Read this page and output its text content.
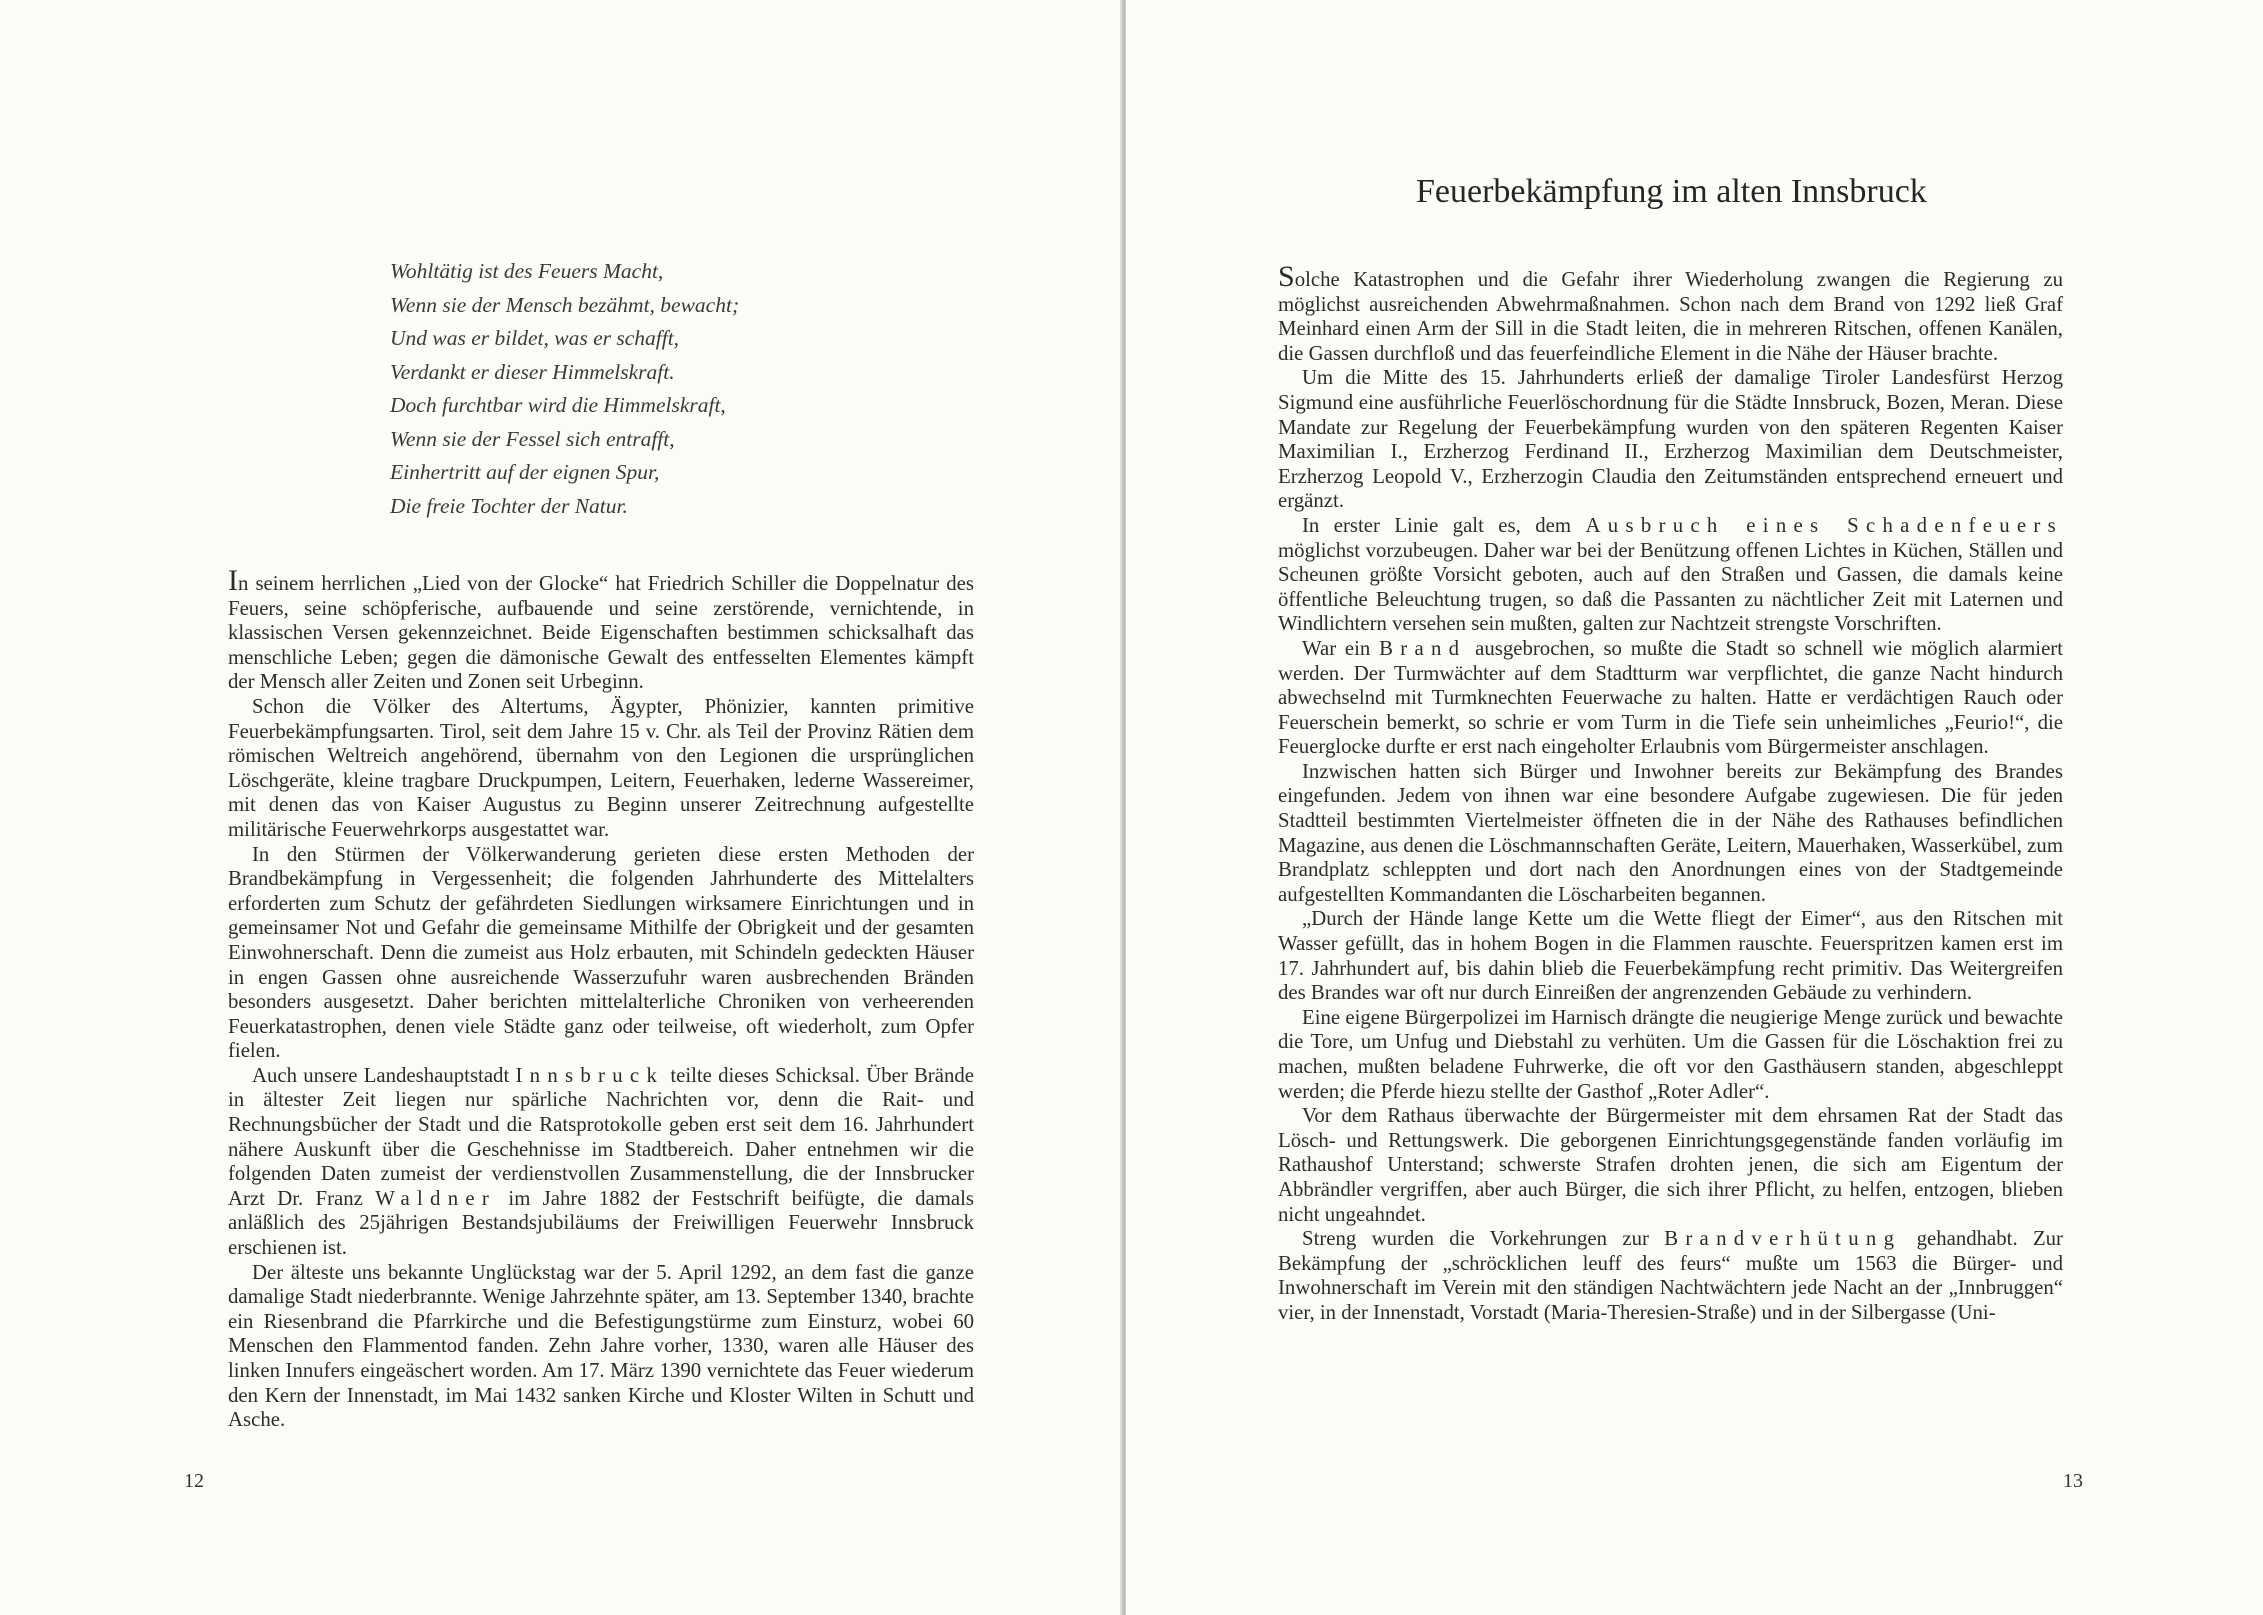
Wohltätig ist des Feuers Macht,
Wenn sie der Mensch bezähmt, bewacht;
Und was er bildet, was er schafft,
Verdankt er dieser Himmelskraft.
Doch furchtbar wird die Himmelskraft,
Wenn sie der Fessel sich entrafft,
Einhertritt auf der eignen Spur,
Die freie Tochter der Natur.

In seinem herrlichen „Lied von der Glocke“ hat Friedrich Schiller die Doppelnatur des Feuers, seine schöpferische, aufbauende und seine zerstörende, vernichtende, in klassischen Versen gekennzeichnet. Beide Eigenschaften bestimmen schicksalhaft das menschliche Leben; gegen die dämonische Gewalt des entfesselten Elementes kämpft der Mensch aller Zeiten und Zonen seit Urbeginn.

Schon die Völker des Altertums, Ägypter, Phönizier, kannten primitive Feuerbekämpfungsarten. Tirol, seit dem Jahre 15 v. Chr. als Teil der Provinz Rätien dem römischen Weltreich angehörend, übernahm von den Legionen die ursprünglichen Löschgeräte, kleine tragbare Druckpumpen, Leitern, Feuerhaken, lederne Wassereimer, mit denen das von Kaiser Augustus zu Beginn unserer Zeitrechnung aufgestellte militärische Feuerwehrkorps ausgestattet war.

In den Stürmen der Völkerwanderung gerieten diese ersten Methoden der Brandbekämpfung in Vergessenheit; die folgenden Jahrhunderte des Mittelalters erforderten zum Schutz der gefährdeten Siedlungen wirksamere Einrichtungen und in gemeinsamer Not und Gefahr die gemeinsame Mithilfe der Obrigkeit und der gesamten Einwohnerschaft. Denn die zumeist aus Holz erbauten, mit Schindeln gedeckten Häuser in engen Gassen ohne ausreichende Wasserzufuhr waren ausbrechenden Bränden besonders ausgesetzt. Daher berichten mittelalterliche Chroniken von verheerenden Feuerkatastrophen, denen viele Städte ganz oder teilweise, oft wiederholt, zum Opfer fielen.

Auch unsere Landeshauptstadt Innsbruck teilte dieses Schicksal. Über Brände in ältester Zeit liegen nur spärliche Nachrichten vor, denn die Rait- und Rechnungsbücher der Stadt und die Ratsprotokolle geben erst seit dem 16. Jahrhundert nähere Auskunft über die Geschehnisse im Stadtbereich. Daher entnehmen wir die folgenden Daten zumeist der verdienstvollen Zusammenstellung, die der Innsbrucker Arzt Dr. Franz Waldner im Jahre 1882 der Festschrift beifügte, die damals anläßlich des 25jährigen Bestandsjubiläums der Freiwilligen Feuerwehr Innsbruck erschienen ist.

Der älteste uns bekannte Unglückstag war der 5. April 1292, an dem fast die ganze damalige Stadt niederbrannte. Wenige Jahrzehnte später, am 13. September 1340, brachte ein Riesenbrand die Pfarrkirche und die Befestigungstürme zum Einsturz, wobei 60 Menschen den Flammentod fanden. Zehn Jahre vorher, 1330, waren alle Häuser des linken Innufers eingeäschert worden. Am 17. März 1390 vernichtete das Feuer wiederum den Kern der Innenstadt, im Mai 1432 sanken Kirche und Kloster Wilten in Schutt und Asche.

12
Feuerbekämpfung im alten Innsbruck

Solche Katastrophen und die Gefahr ihrer Wiederholung zwangen die Regierung zu möglichst ausreichenden Abwehrmaßnahmen. Schon nach dem Brand von 1292 ließ Graf Meinhard einen Arm der Sill in die Stadt leiten, die in mehreren Ritschen, offenen Kanälen, die Gassen durchfloß und das feuerfeindliche Element in die Nähe der Häuser brachte.

Um die Mitte des 15. Jahrhunderts erließ der damalige Tiroler Landesfürst Herzog Sigmund eine ausführliche Feuerlöschordnung für die Städte Innsbruck, Bozen, Meran. Diese Mandate zur Regelung der Feuerbekämpfung wurden von den späteren Regenten Kaiser Maximilian I., Erzherzog Ferdinand II., Erzherzog Maximilian dem Deutschmeister, Erzherzog Leopold V., Erzherzogin Claudia den Zeitumständen entsprechend erneuert und ergänzt.

In erster Linie galt es, dem Ausbruch eines Schadenfeuers möglichst vorzubeugen. Daher war bei der Benützung offenen Lichtes in Küchen, Ställen und Scheunen größte Vorsicht geboten, auch auf den Straßen und Gassen, die damals keine öffentliche Beleuchtung trugen, so daß die Passanten zu nächtlicher Zeit mit Laternen und Windlichtern versehen sein mußten, galten zur Nachtzeit strengste Vorschriften.

War ein Brand ausgebrochen, so mußte die Stadt so schnell wie möglich alarmiert werden. Der Turmwächter auf dem Stadtturm war verpflichtet, die ganze Nacht hindurch abwechselnd mit Turmknechten Feuerwache zu halten. Hatte er verdächtigen Rauch oder Feuerschein bemerkt, so schrie er vom Turm in die Tiefe sein unheimliches „Feurio!“, die Feuerglocke durfte er erst nach eingeholter Erlaubnis vom Bürgermeister anschlagen.

Inzwischen hatten sich Bürger und Inwohner bereits zur Bekämpfung des Brandes eingefunden. Jedem von ihnen war eine besondere Aufgabe zugewiesen. Die für jeden Stadtteil bestimmten Viertelmeister öffneten die in der Nähe des Rathauses befindlichen Magazine, aus denen die Löschmannschaften Geräte, Leitern, Mauerhaken, Wasserkübel, zum Brandplatz schleppten und dort nach den Anordnungen eines von der Stadtgemeinde aufgestellten Kommandanten die Löscharbeiten begannen.

„Durch der Hände lange Kette um die Wette fliegt der Eimer“, aus den Ritschen mit Wasser gefüllt, das in hohem Bogen in die Flammen rauschte. Feuerspritzen kamen erst im 17. Jahrhundert auf, bis dahin blieb die Feuerbekämpfung recht primitiv. Das Weitergreifen des Brandes war oft nur durch Einreißen der angrenzenden Gebäude zu verhindern.

Eine eigene Bürgerpolizei im Harnisch drängte die neugierige Menge zurück und bewachte die Tore, um Unfug und Diebstahl zu verhüten. Um die Gassen für die Löschaktion frei zu machen, mußten beladene Fuhrwerke, die oft vor den Gasthäusern standen, abgeschleppt werden; die Pferde hiezu stellte der Gasthof „Roter Adler“.

Vor dem Rathaus überwachte der Bürgermeister mit dem ehrsamen Rat der Stadt das Lösch- und Rettungswerk. Die geborgenen Einrichtungsgegenstände fanden vorläufig im Rathaushof Unterstand; schwerste Strafen drohten jenen, die sich am Eigentum der Abbrändler vergriffen, aber auch Bürger, die sich ihrer Pflicht, zu helfen, entzogen, blieben nicht ungeahndet.

Streng wurden die Vorkehrungen zur Brandverhütung gehandhabt. Zur Bekämpfung der „schröcklichen leuff des feurs“ mußte um 1563 die Bürger- und Inwohnerschaft im Verein mit den ständigen Nachtwächtern jede Nacht an der „Innbruggen“ vier, in der Innenstadt, Vorstadt (Maria-Theresien-Straße) und in der Silbergasse (Uni-

13
